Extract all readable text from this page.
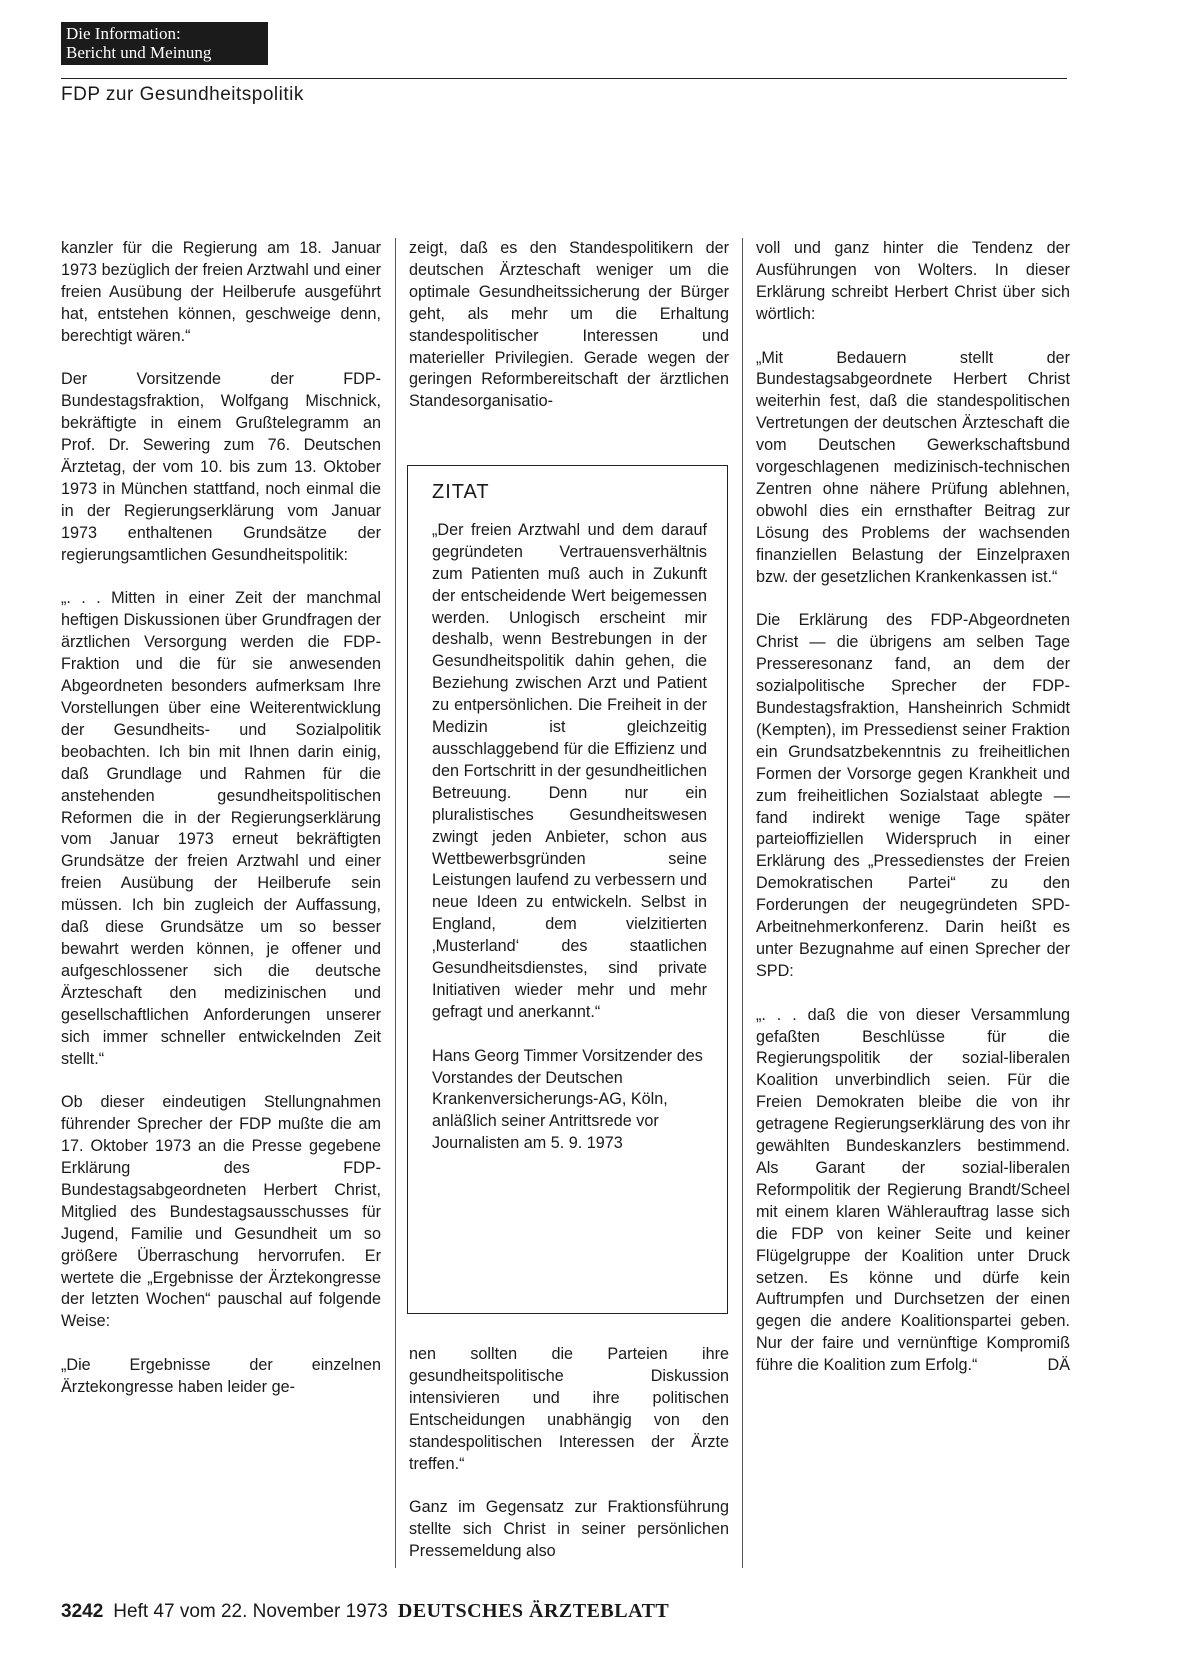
Die Information:
Bericht und Meinung
FDP zur Gesundheitspolitik

kanzler für die Regierung am 18. Januar 1973 bezüglich der freien Arztwahl und einer freien Ausübung der Heilberufe ausgeführt hat, entstehen können, geschweige denn, berechtigt wären.“

Der Vorsitzende der FDP-Bundestagsfraktion, Wolfgang Mischnick, bekräftigte in einem Grußtelegramm an Prof. Dr. Sewering zum 76. Deutschen Ärztetag, der vom 10. bis zum 13. Oktober 1973 in München stattfand, noch einmal die in der Regierungserklärung vom Januar 1973 enthaltenen Grundsätze der regierungsamtlichen Gesundheitspolitik:

„. . . Mitten in einer Zeit der manchmal heftigen Diskussionen über Grundfragen der ärztlichen Versorgung werden die FDP-Fraktion und die für sie anwesenden Abgeordneten besonders aufmerksam Ihre Vorstellungen über eine Weiterentwicklung der Gesundheits- und Sozialpolitik beobachten. Ich bin mit Ihnen darin einig, daß Grundlage und Rahmen für die anstehenden gesundheitspolitischen Reformen die in der Regierungserklärung vom Januar 1973 erneut bekräftigten Grundsätze der freien Arztwahl und einer freien Ausübung der Heilberufe sein müssen. Ich bin zugleich der Auffassung, daß diese Grundsätze um so besser bewahrt werden können, je offener und aufgeschlossener sich die deutsche Ärzteschaft den medizinischen und gesellschaftlichen Anforderungen unserer sich immer schneller entwickelnden Zeit stellt.“

Ob dieser eindeutigen Stellungnahmen führender Sprecher der FDP mußte die am 17. Oktober 1973 an die Presse gegebene Erklärung des FDP-Bundestagsabgeordneten Herbert Christ, Mitglied des Bundestagsausschusses für Jugend, Familie und Gesundheit um so größere Überraschung hervorrufen. Er wertete die „Ergebnisse der Ärztekongresse der letzten Wochen“ pauschal auf folgende Weise:

„Die Ergebnisse der einzelnen Ärztekongresse haben leider ge-

zeigt, daß es den Standespolitikern der deutschen Ärzteschaft weniger um die optimale Gesundheitssicherung der Bürger geht, als mehr um die Erhaltung standespolitischer Interessen und materieller Privilegien. Gerade wegen der geringen Reformbereitschaft der ärztlichen Standesorganisatio-

ZITAT

„Der freien Arztwahl und dem darauf gegründeten Vertrauensverhältnis zum Patienten muß auch in Zukunft der entscheidende Wert beigemessen werden. Unlogisch erscheint mir deshalb, wenn Bestrebungen in der Gesundheitspolitik dahin gehen, die Beziehung zwischen Arzt und Patient zu entpersönlichen. Die Freiheit in der Medizin ist gleichzeitig ausschlaggebend für die Effizienz und den Fortschritt in der gesundheitlichen Betreuung. Denn nur ein pluralistisches Gesundheitswesen zwingt jeden Anbieter, schon aus Wettbewerbsgründen seine Leistungen laufend zu verbessern und neue Ideen zu entwickeln. Selbst in England, dem vielzitierten ‚Musterland‘ des staatlichen Gesundheitsdienstes, sind private Initiativen wieder mehr und mehr gefragt und anerkannt.“

Hans Georg Timmer Vorsitzender des Vorstandes der Deutschen Krankenversicherungs-AG, Köln, anläßlich seiner Antrittsrede vor Journalisten am 5. 9. 1973

nen sollten die Parteien ihre gesundheitspolitische Diskussion intensivieren und ihre politischen Entscheidungen unabhängig von den standespolitischen Interessen der Ärzte treffen.“

Ganz im Gegensatz zur Fraktionsführung stellte sich Christ in seiner persönlichen Pressemeldung also

voll und ganz hinter die Tendenz der Ausführungen von Wolters. In dieser Erklärung schreibt Herbert Christ über sich wörtlich:

„Mit Bedauern stellt der Bundestagsabgeordnete Herbert Christ weiterhin fest, daß die standespolitischen Vertretungen der deutschen Ärzteschaft die vom Deutschen Gewerkschaftsbund vorgeschlagenen medizinisch-technischen Zentren ohne nähere Prüfung ablehnen, obwohl dies ein ernsthafter Beitrag zur Lösung des Problems der wachsenden finanziellen Belastung der Einzelpraxen bzw. der gesetzlichen Krankenkassen ist.“

Die Erklärung des FDP-Abgeordneten Christ — die übrigens am selben Tage Presseresonanz fand, an dem der sozialpolitische Sprecher der FDP-Bundestagsfraktion, Hansheinrich Schmidt (Kempten), im Pressedienst seiner Fraktion ein Grundsatzbekenntnis zu freiheitlichen Formen der Vorsorge gegen Krankheit und zum freiheitlichen Sozialstaat ablegte — fand indirekt wenige Tage später parteioffiziellen Widerspruch in einer Erklärung des „Pressedienstes der Freien Demokratischen Partei“ zu den Forderungen der neugegründeten SPD-Arbeitnehmerkonferenz. Darin heißt es unter Bezugnahme auf einen Sprecher der SPD:

„. . . daß die von dieser Versammlung gefaßten Beschlüsse für die Regierungspolitik der sozial-liberalen Koalition unverbindlich seien. Für die Freien Demokraten bleibe die von ihr getragene Regierungserklärung des von ihr gewählten Bundeskanzlers bestimmend. Als Garant der sozial-liberalen Reformpolitik der Regierung Brandt/Scheel mit einem klaren Wählerauftrag lasse sich die FDP von keiner Seite und keiner Flügelgruppe der Koalition unter Druck setzen. Es könne und dürfe kein Auftrumpfen und Durchsetzen der einen gegen die andere Koalitionspartei geben. Nur der faire und vernünftige Kompromiß führe die Koalition zum Erfolg.“	DÄ

3242 Heft 47 vom 22. November 1973 DEUTSCHES ÄRZTEBLATT
